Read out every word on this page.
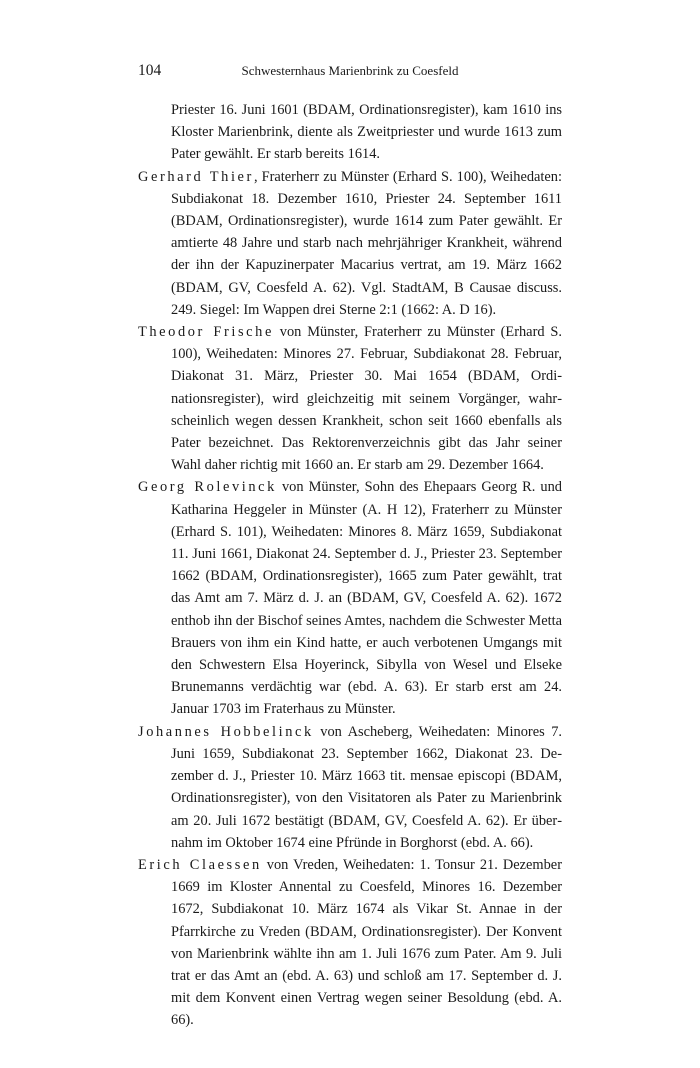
104	Schwesternhaus Marienbrink zu Coesfeld

Priester 16. Juni 1601 (BDAM, Ordinationsregister), kam 1610 ins Kloster Marienbrink, diente als Zweitpriester und wurde 1613 zum Pater gewählt. Er starb bereits 1614.

Gerhard Thier, Fraterherr zu Münster (Erhard S. 100), Weihedaten: Subdiakonat 18. Dezember 1610, Priester 24. September 1611 (BDAM, Ordinationsregister), wurde 1614 zum Pater gewählt. Er amtierte 48 Jahre und starb nach mehrjähriger Krankheit, während der ihn der Kapuzinerpater Macarius vertrat, am 19. März 1662 (BDAM, GV, Coesfeld A. 62). Vgl. StadtAM, B Causae discuss. 249. Siegel: Im Wappen drei Sterne 2:1 (1662: A. D 16).

Theodor Frische von Münster, Fraterherr zu Münster (Erhard S. 100), Weihedaten: Minores 27. Februar, Subdiakonat 28. Februar, Diakonat 31. März, Priester 30. Mai 1654 (BDAM, Ordinationsregister), wird gleichzeitig mit seinem Vorgänger, wahrscheinlich wegen dessen Krankheit, schon seit 1660 ebenfalls als Pater bezeichnet. Das Rektorenverzeichnis gibt das Jahr seiner Wahl daher richtig mit 1660 an. Er starb am 29. Dezember 1664.

Georg Rolevinck von Münster, Sohn des Ehepaars Georg R. und Katharina Heggeler in Münster (A. H 12), Fraterherr zu Münster (Erhard S. 101), Weihedaten: Minores 8. März 1659, Subdiakonat 11. Juni 1661, Diakonat 24. September d. J., Priester 23. September 1662 (BDAM, Ordinationsregister), 1665 zum Pater gewählt, trat das Amt am 7. März d. J. an (BDAM, GV, Coesfeld A. 62). 1672 enthob ihn der Bischof seines Amtes, nachdem die Schwester Metta Brauers von ihm ein Kind hatte, er auch verbotenen Umgangs mit den Schwestern Elsa Hoyerinck, Sibylla von Wesel und Elseke Brunemanns verdächtig war (ebd. A. 63). Er starb erst am 24. Januar 1703 im Fraterhaus zu Münster.

Johannes Hobbelinck von Ascheberg, Weihedaten: Minores 7. Juni 1659, Subdiakonat 23. September 1662, Diakonat 23. Dezember d. J., Priester 10. März 1663 tit. mensae episcopi (BDAM, Ordinationsregister), von den Visitatoren als Pater zu Marienbrink am 20. Juli 1672 bestätigt (BDAM, GV, Coesfeld A. 62). Er übernahm im Oktober 1674 eine Pfründe in Borghorst (ebd. A. 66).

Erich Claessen von Vreden, Weihedaten: 1. Tonsur 21. Dezember 1669 im Kloster Annental zu Coesfeld, Minores 16. Dezember 1672, Subdiakonat 10. März 1674 als Vikar St. Annae in der Pfarrkirche zu Vreden (BDAM, Ordinationsregister). Der Konvent von Marienbrink wählte ihn am 1. Juli 1676 zum Pater. Am 9. Juli trat er das Amt an (ebd. A. 63) und schloß am 17. September d. J. mit dem Konvent einen Vertrag wegen seiner Besoldung (ebd. A. 66).
